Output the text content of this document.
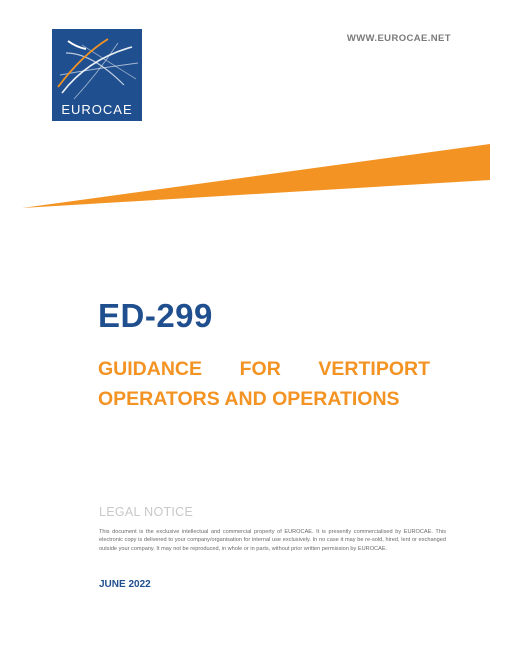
EUROCAE
WWW.EUROCAE.NET
ED-299
GUIDANCE FOR VERTIPORT
OPERATORS AND OPERATIONS
LEGAL NOTICE
This document is the exclusive intellectual and commercial property of EUROCAE. It is presently commercialised by EUROCAE. This electronic copy is delivered to your company/organisation for internal use exclusively. In no case it may be re-sold, hired, lent or exchanged outside your company. It may not be reproduced, in whole or in parts, without prior written permission by EUROCAE.
JUNE 2022
